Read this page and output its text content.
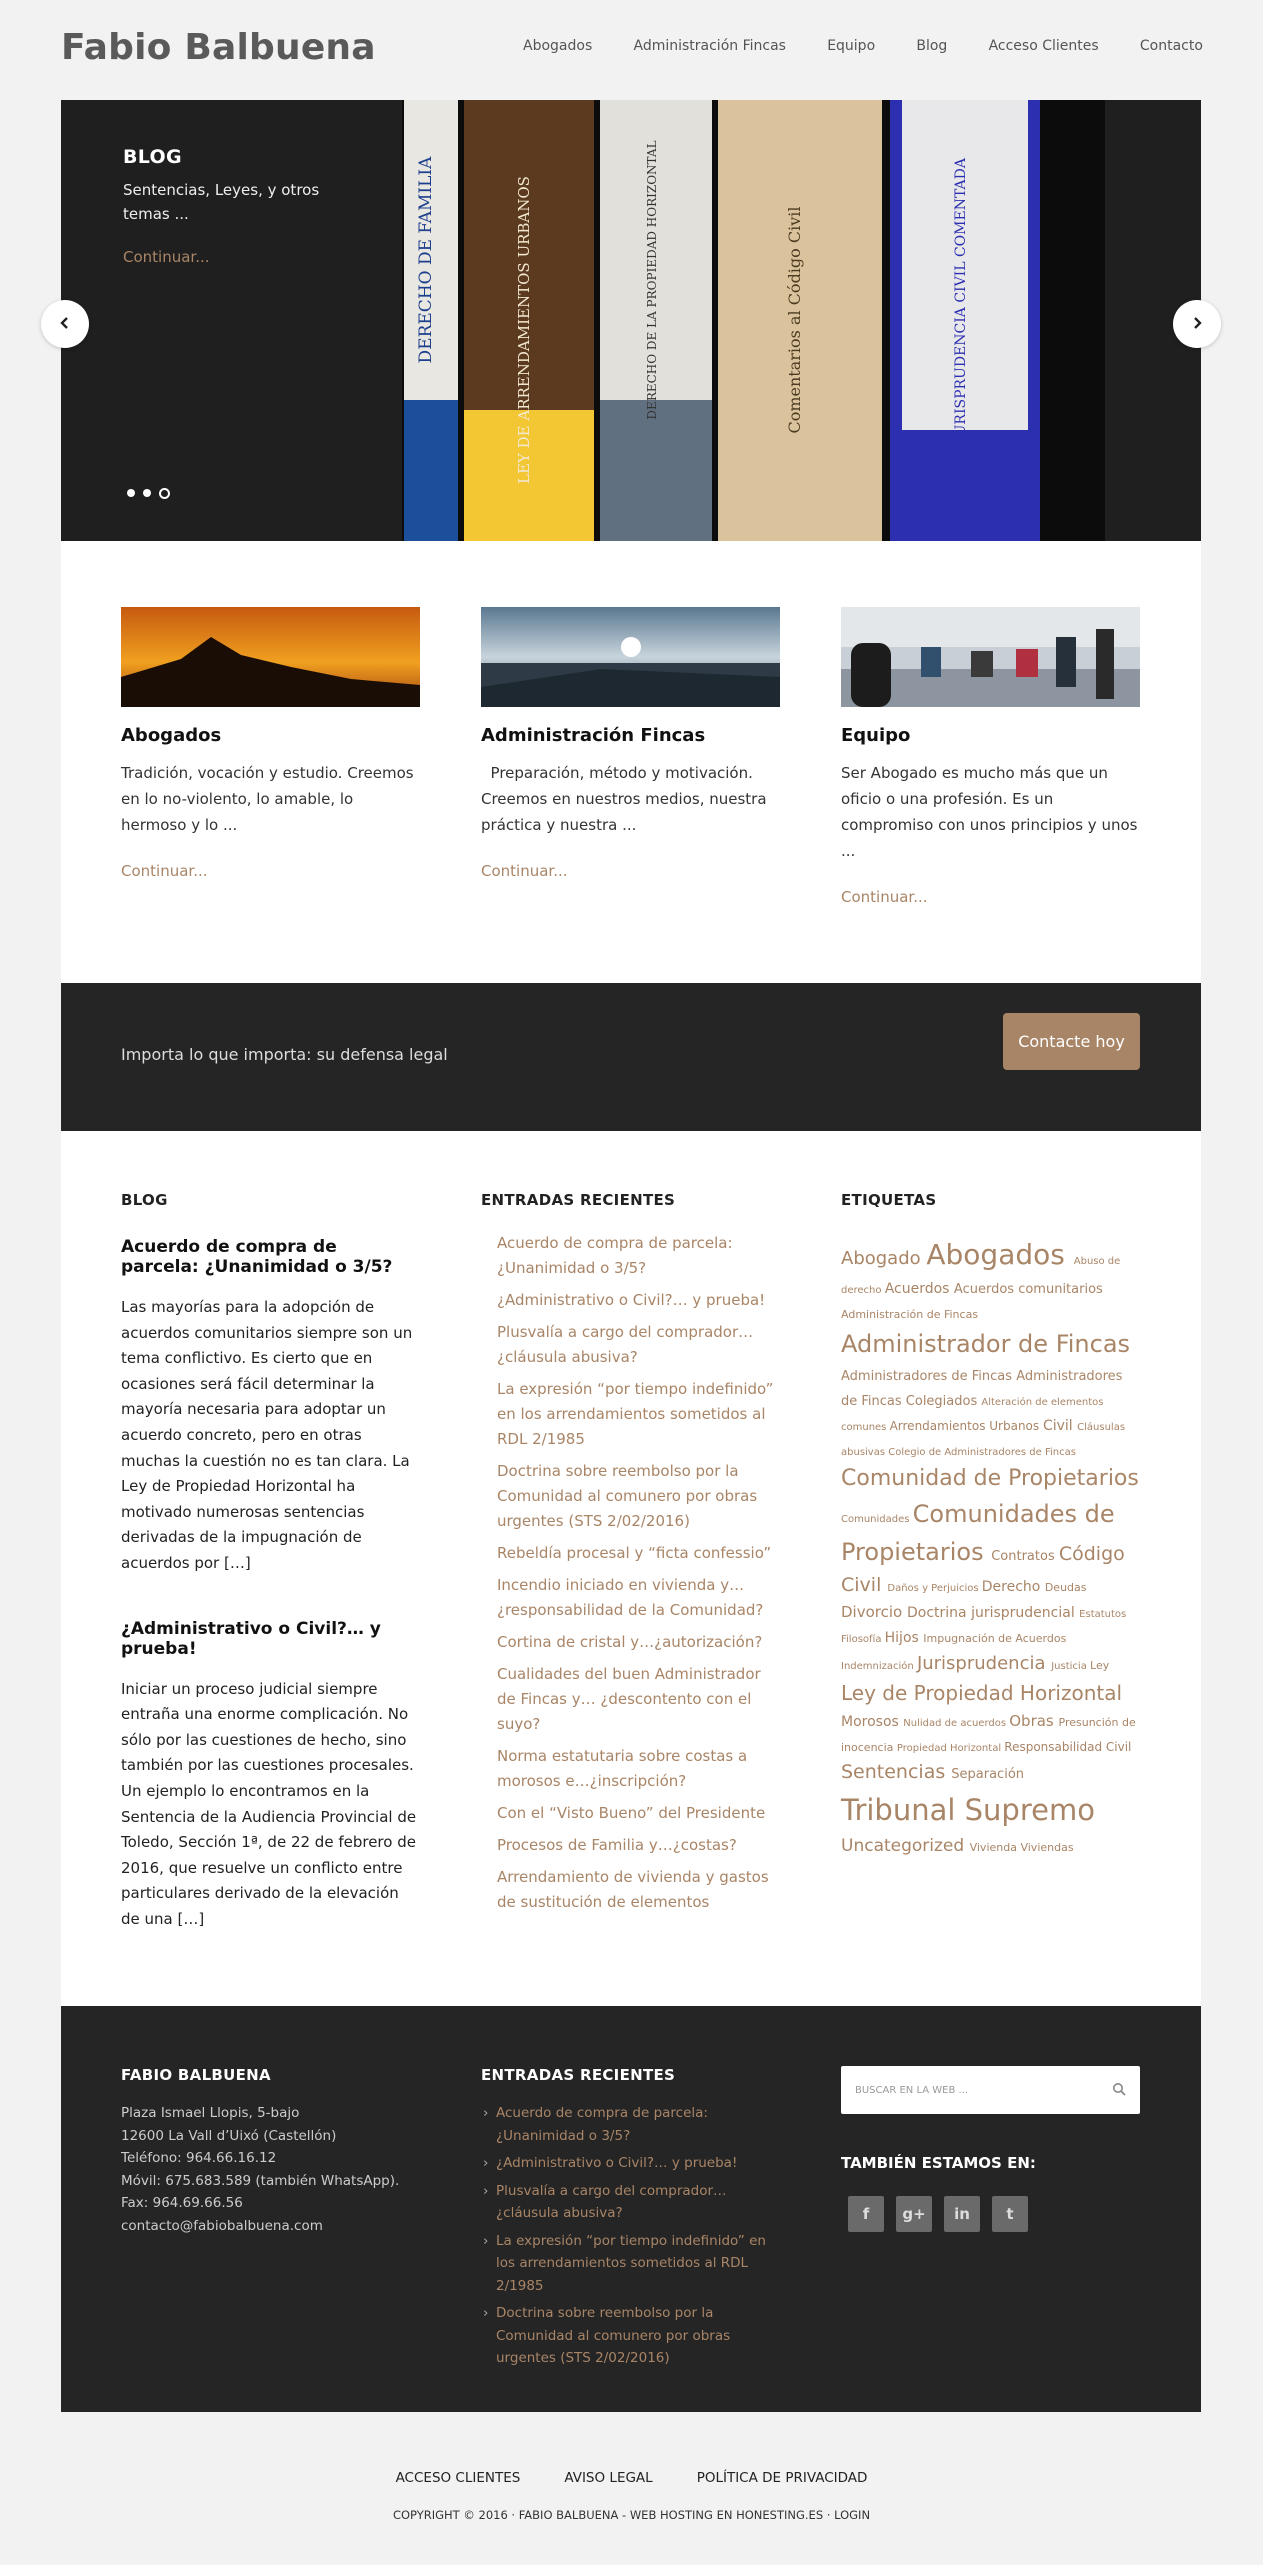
Fabio Balbuena	Abogados	Administración Fincas	Equipo	Blog	Acceso Clientes	Contacto
DERECHO DE FAMILIA	LEY DE ARRENDAMIENTOS URBANOS	DERECHO DE LA PROPIEDAD HORIZONTAL	Comentarios al Código Civil	JURISPRUDENCIA CIVIL COMENTADA
BLOG
Sentencias, Leyes, y otros temas ...
Continuar...
Abogados

Tradición, vocación y estudio. Creemos en lo no-violento, lo amable, lo hermoso y lo ...

Continuar...
Administración Fincas

Preparación, método y motivación. Creemos en nuestros medios, nuestra práctica y nuestra ...

Continuar...
Equipo

Ser Abogado es mucho más que un oficio o una profesión. Es un compromiso con unos principios y unos ...

Continuar...
Importa lo que importa: su defensa legal
Contacte hoy
BLOG
Acuerdo de compra de parcela: ¿Unanimidad o 3/5?

Las mayorías para la adopción de acuerdos comunitarios siempre son un tema conflictivo. Es cierto que en ocasiones será fácil determinar la mayoría necesaria para adoptar un acuerdo concreto, pero en otras muchas la cuestión no es tan clara. La Ley de Propiedad Horizontal ha motivado numerosas sentencias derivadas de la impugnación de acuerdos por […]

¿Administrativo o Civil?… y prueba!

Iniciar un proceso judicial siempre entraña una enorme complicación. No sólo por las cuestiones de hecho, sino también por las cuestiones procesales. Un ejemplo lo encontramos en la Sentencia de la Audiencia Provincial de Toledo, Sección 1ª, de 22 de febrero de 2016, que resuelve un conflicto entre particulares derivado de la elevación de una […]

ENTRADAS RECIENTES
Acuerdo de compra de parcela: ¿Unanimidad o 3/5?
¿Administrativo o Civil?… y prueba!
Plusvalía a cargo del comprador…¿cláusula abusiva?
La expresión “por tiempo indefinido” en los arrendamientos sometidos al RDL 2/1985
Doctrina sobre reembolso por la Comunidad al comunero por obras urgentes (STS 2/02/2016)
Rebeldía procesal y “ficta confessio”
Incendio iniciado en vivienda y…¿responsabilidad de la Comunidad?
Cortina de cristal y…¿autorización?
Cualidades del buen Administrador de Fincas y… ¿descontento con el suyo?
Norma estatutaria sobre costas a morosos e…¿inscripción?
Con el “Visto Bueno” del Presidente
Procesos de Familia y…¿costas?
Arrendamiento de vivienda y gastos de sustitución de elementos
ETIQUETAS
Abogado Abogados Abuso de derecho Acuerdos Acuerdos comunitarios Administración de Fincas Administrador de Fincas Administradores de Fincas Administradores de Fincas Colegiados Alteración de elementos comunes Arrendamientos Urbanos Civil Cláusulas abusivas Colegio de Administradores de Fincas Comunidad de Propietarios Comunidades Comunidades de Propietarios Contratos Código Civil Daños y Perjuicios Derecho Deudas Divorcio Doctrina jurisprudencial Estatutos Filosofía Hijos Impugnación de Acuerdos Indemnización Jurisprudencia Justicia Ley Ley de Propiedad Horizontal Morosos Nulidad de acuerdos Obras Presunción de inocencia Propiedad Horizontal Responsabilidad Civil Sentencias Separación Tribunal Supremo Uncategorized Vivienda Viviendas
FABIO BALBUENA
Plaza Ismael Llopis, 5-bajo
12600 La Vall d’Uixó (Castellón)
Teléfono: 964.66.16.12
Móvil: 675.683.589 (también WhatsApp).
Fax: 964.69.66.56
contacto@fabiobalbuena.com
ENTRADAS RECIENTES
› Acuerdo de compra de parcela: ¿Unanimidad o 3/5?
› ¿Administrativo o Civil?… y prueba!
› Plusvalía a cargo del comprador…¿cláusula abusiva?
› La expresión “por tiempo indefinido” en los arrendamientos sometidos al RDL 2/1985
› Doctrina sobre reembolso por la Comunidad al comunero por obras urgentes (STS 2/02/2016)
BUSCAR EN LA WEB ...
TAMBIÉN ESTAMOS EN:
f	g+	in	t
ACCESO CLIENTES	AVISO LEGAL	POLÍTICA DE PRIVACIDAD
COPYRIGHT © 2016 · FABIO BALBUENA - WEB HOSTING EN HONESTING.ES · LOGIN
